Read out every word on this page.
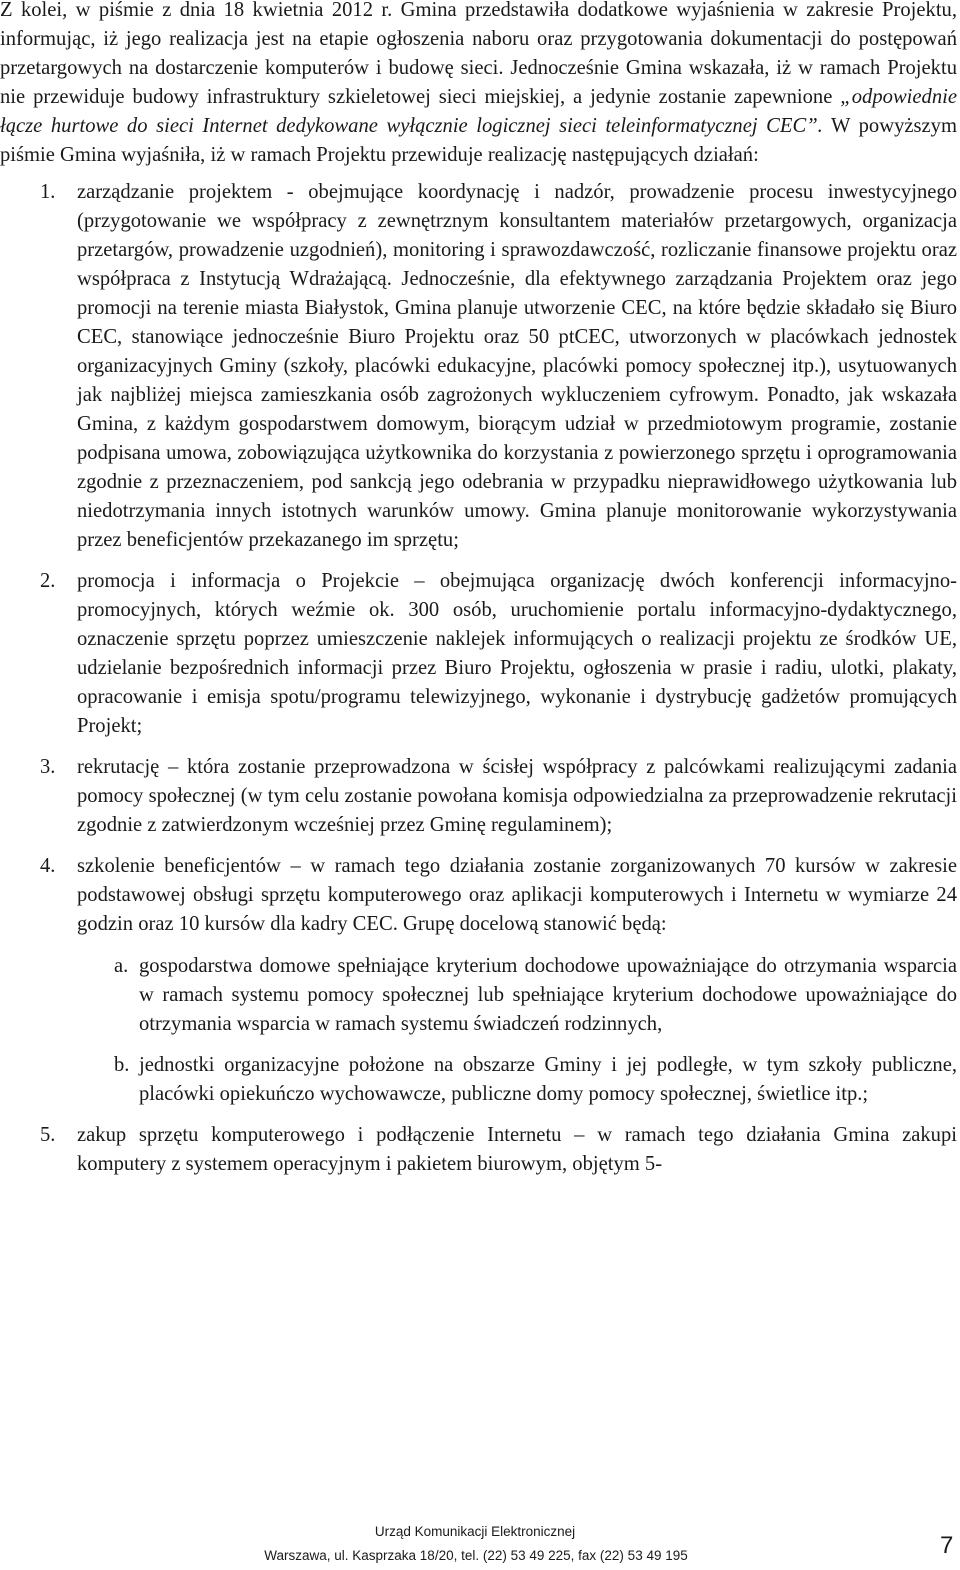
Z kolei, w piśmie z dnia 18 kwietnia 2012 r. Gmina przedstawiła dodatkowe wyjaśnienia w zakresie Projektu, informując, iż jego realizacja jest na etapie ogłoszenia naboru oraz przygotowania dokumentacji do postępowań przetargowych na dostarczenie komputerów i budowę sieci. Jednocześnie Gmina wskazała, iż w ramach Projektu nie przewiduje budowy infrastruktury szkieletowej sieci miejskiej, a jedynie zostanie zapewnione „odpowiednie łącze hurtowe do sieci Internet dedykowane wyłącznie logicznej sieci teleinformatycznej CEC”. W powyższym piśmie Gmina wyjaśniła, iż w ramach Projektu przewiduje realizację następujących działań:

1. zarządzanie projektem - obejmujące koordynację i nadzór, prowadzenie procesu inwestycyjnego (przygotowanie we współpracy z zewnętrznym konsultantem materiałów przetargowych, organizacja przetargów, prowadzenie uzgodnień), monitoring i sprawozdawczość, rozliczanie finansowe projektu oraz współpraca z Instytucją Wdrażającą. Jednocześnie, dla efektywnego zarządzania Projektem oraz jego promocji na terenie miasta Białystok, Gmina planuje utworzenie CEC, na które będzie składało się Biuro CEC, stanowiące jednocześnie Biuro Projektu oraz 50 ptCEC, utworzonych w placówkach jednostek organizacyjnych Gminy (szkoły, placówki edukacyjne, placówki pomocy społecznej itp.), usytuowanych jak najbliżej miejsca zamieszkania osób zagrożonych wykluczeniem cyfrowym. Ponadto, jak wskazała Gmina, z każdym gospodarstwem domowym, biorącym udział w przedmiotowym programie, zostanie podpisana umowa, zobowiązująca użytkownika do korzystania z powierzonego sprzętu i oprogramowania zgodnie z przeznaczeniem, pod sankcją jego odebrania w przypadku nieprawidłowego użytkowania lub niedotrzymania innych istotnych warunków umowy. Gmina planuje monitorowanie wykorzystywania przez beneficjentów przekazanego im sprzętu;
2. promocja i informacja o Projekcie – obejmująca organizację dwóch konferencji informacyjno-promocyjnych, których weźmie ok. 300 osób, uruchomienie portalu informacyjno-dydaktycznego, oznaczenie sprzętu poprzez umieszczenie naklejek informujących o realizacji projektu ze środków UE, udzielanie bezpośrednich informacji przez Biuro Projektu, ogłoszenia w prasie i radiu, ulotki, plakaty, opracowanie i emisja spotu/programu telewizyjnego, wykonanie i dystrybucję gadżetów promujących Projekt;
3. rekrutację – która zostanie przeprowadzona w ścisłej współpracy z palcówkami realizującymi zadania pomocy społecznej (w tym celu zostanie powołana komisja odpowiedzialna za przeprowadzenie rekrutacji zgodnie z zatwierdzonym wcześniej przez Gminę regulaminem);
4. szkolenie beneficjentów – w ramach tego działania zostanie zorganizowanych 70 kursów w zakresie podstawowej obsługi sprzętu komputerowego oraz aplikacji komputerowych i Internetu w wymiarze 24 godzin oraz 10 kursów dla kadry CEC. Grupę docelową stanowić będą:
a. gospodarstwa domowe spełniające kryterium dochodowe upoważniające do otrzymania wsparcia w ramach systemu pomocy społecznej lub spełniające kryterium dochodowe upoważniające do otrzymania wsparcia w ramach systemu świadczeń rodzinnych,
b. jednostki organizacyjne położone na obszarze Gminy i jej podległe, w tym szkoły publiczne, placówki opiekuńczo wychowawcze, publiczne domy pomocy społecznej, świetlice itp.;
5. zakup sprzętu komputerowego i podłączenie Internetu – w ramach tego działania Gmina zakupi komputery z systemem operacyjnym i pakietem biurowym, objętym 5-
Urząd Komunikacji Elektronicznej
Warszawa, ul. Kasprzaka 18/20, tel. (22) 53 49 225, fax (22) 53 49 195	7
